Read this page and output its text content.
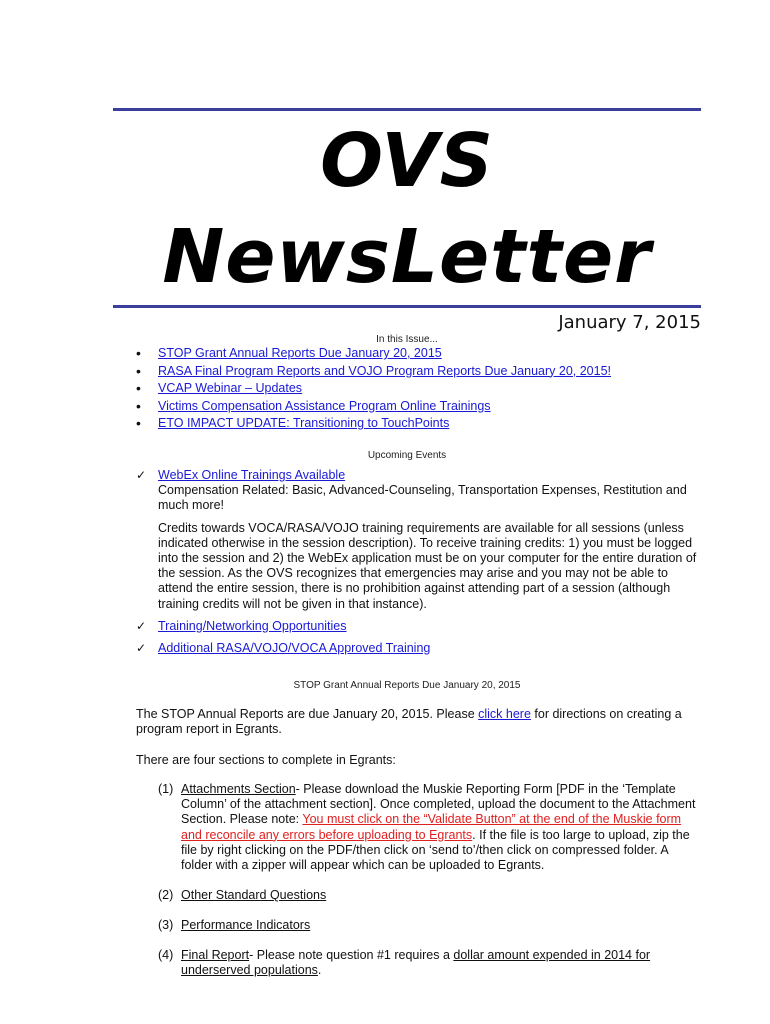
OVS
NewsLetter
January 7, 2015
In this Issue...
• STOP Grant Annual Reports Due January 20, 2015
• RASA Final Program Reports and VOJO Program Reports Due January 20, 2015!
• VCAP Webinar – Updates
• Victims Compensation Assistance Program Online Trainings
• ETO IMPACT UPDATE: Transitioning to TouchPoints
Upcoming Events
✓ WebEx Online Trainings Available

Compensation Related: Basic, Advanced-Counseling, Transportation Expenses, Restitution and much more!

Credits towards VOCA/RASA/VOJO training requirements are available for all sessions (unless indicated otherwise in the session description). To receive training credits: 1) you must be logged into the session and 2) the WebEx application must be on your computer for the entire duration of the session. As the OVS recognizes that emergencies may arise and you may not be able to attend the entire session, there is no prohibition against attending part of a session (although training credits will not be given in that instance).

✓ Training/Networking Opportunities

✓ Additional RASA/VOJO/VOCA Approved Training

STOP Grant Annual Reports Due January 20, 2015
The STOP Annual Reports are due January 20, 2015. Please click here for directions on creating a program report in Egrants.
There are four sections to complete in Egrants:
(1) Attachments Section- Please download the Muskie Reporting Form [PDF in the ‘Template Column’ of the attachment section]. Once completed, upload the document to the Attachment Section. Please note: You must click on the “Validate Button” at the end of the Muskie form and reconcile any errors before uploading to Egrants. If the file is too large to upload, zip the file by right clicking on the PDF/then click on ‘send to’/then click on compressed folder. A folder with a zipper will appear which can be uploaded to Egrants.
(2) Other Standard Questions
(3) Performance Indicators
(4) Final Report- Please note question #1 requires a dollar amount expended in 2014 for underserved populations.
